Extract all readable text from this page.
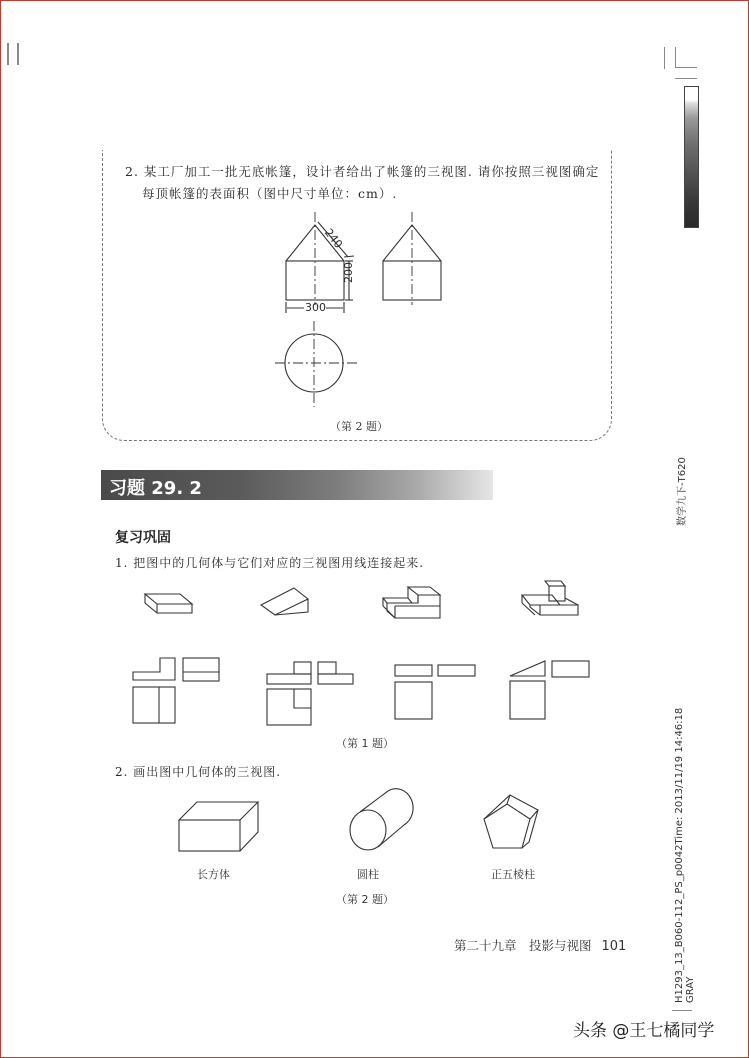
2. 某工厂加工一批无底帐篷，设计者给出了帐篷的三视图. 请你按照三视图确定
每顶帐篷的表面积（图中尺寸单位：cm）.
240
200
300
（第 2 题）
习题 29. 2
复习巩固
1. 把图中的几何体与它们对应的三视图用线连接起来.
（第 1 题）
2. 画出图中几何体的三视图.
长方体	圆柱	正五棱柱
（第 2 题）
第二十九章　投影与视图 101
数学九下-T620
H1293_13_B060-112_PS_p0042Time: 2013/11/19 14:46:18 GRAY
头条 @王七橘同学
